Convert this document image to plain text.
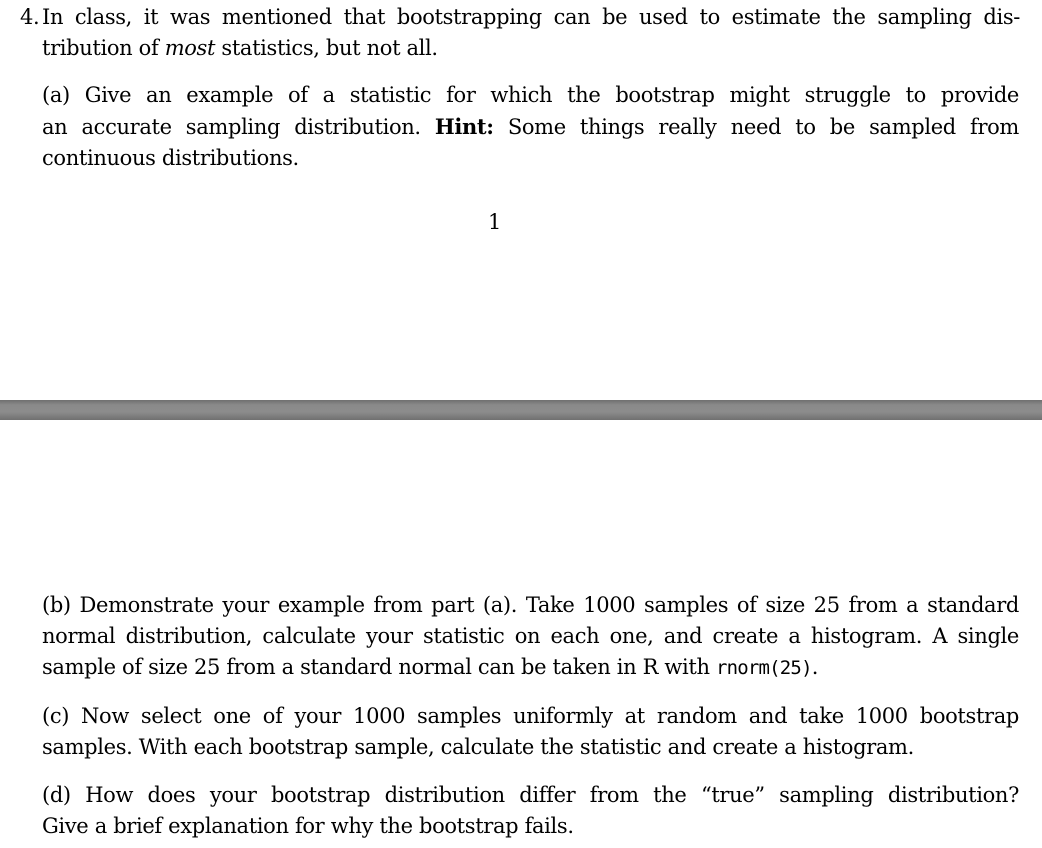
4. In class, it was mentioned that bootstrapping can be used to estimate the sampling dis-
tribution of most statistics, but not all.
(a) Give an example of a statistic for which the bootstrap might struggle to provide
an accurate sampling distribution. Hint: Some things really need to be sampled from
continuous distributions.
1
(b) Demonstrate your example from part (a). Take 1000 samples of size 25 from a standard
normal distribution, calculate your statistic on each one, and create a histogram. A single
sample of size 25 from a standard normal can be taken in R with rnorm(25).
(c) Now select one of your 1000 samples uniformly at random and take 1000 bootstrap
samples. With each bootstrap sample, calculate the statistic and create a histogram.
(d) How does your bootstrap distribution differ from the “true” sampling distribution?
Give a brief explanation for why the bootstrap fails.
